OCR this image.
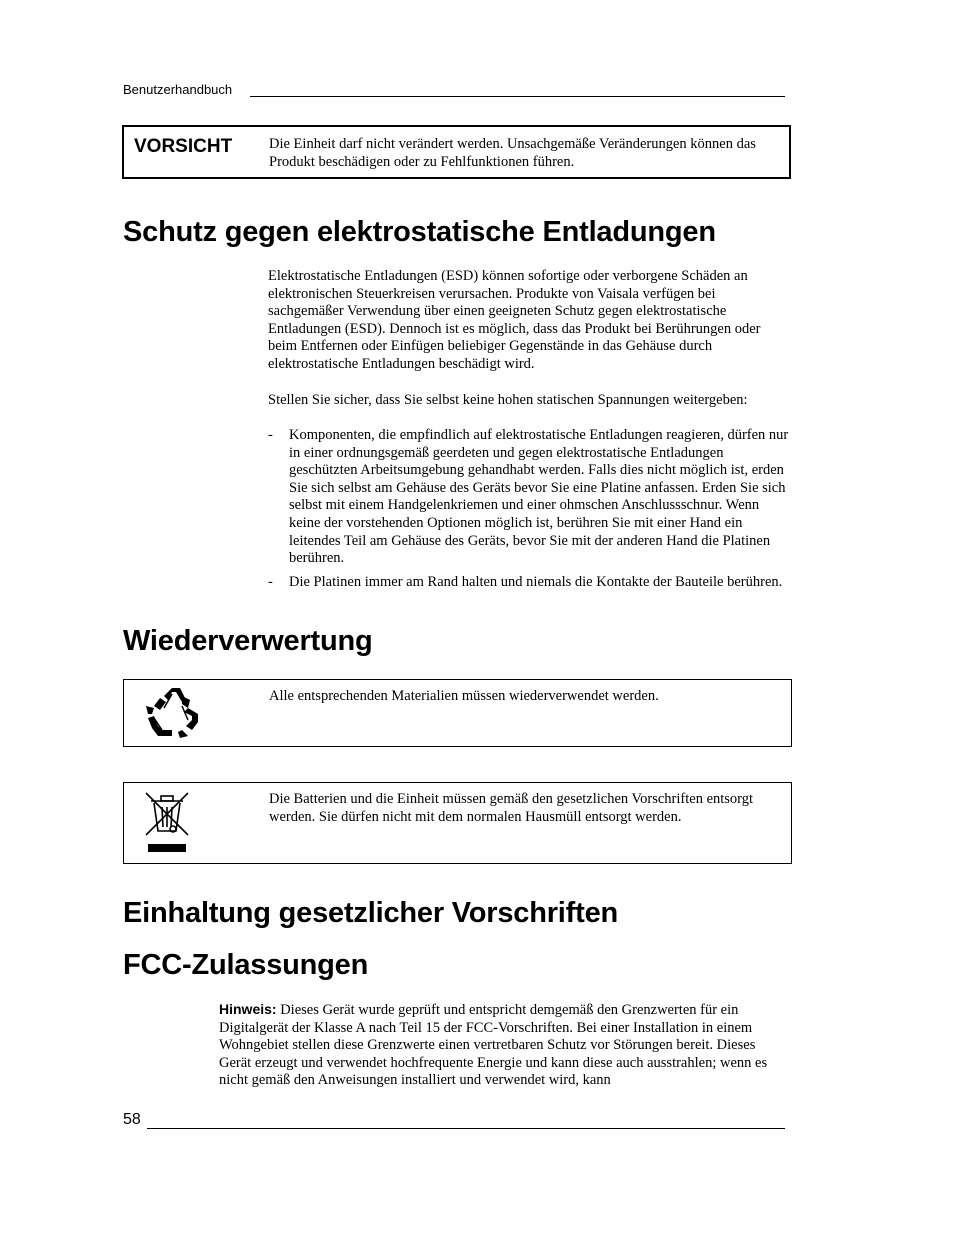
Benutzerhandbuch
VORSICHT	Die Einheit darf nicht verändert werden. Unsachgemäße Veränderungen können das Produkt beschädigen oder zu Fehlfunktionen führen.
Schutz gegen elektrostatische Entladungen
Elektrostatische Entladungen (ESD) können sofortige oder verborgene Schäden an elektronischen Steuerkreisen verursachen. Produkte von Vaisala verfügen bei sachgemäßer Verwendung über einen geeigneten Schutz gegen elektrostatische Entladungen (ESD). Dennoch ist es möglich, dass das Produkt bei Berührungen oder beim Entfernen oder Einfügen beliebiger Gegenstände in das Gehäuse durch elektrostatische Entladungen beschädigt wird.
Stellen Sie sicher, dass Sie selbst keine hohen statischen Spannungen weitergeben:
- Komponenten, die empfindlich auf elektrostatische Entladungen reagieren, dürfen nur in einer ordnungsgemäß geerdeten und gegen elektrostatische Entladungen geschützten Arbeitsumgebung gehandhabt werden. Falls dies nicht möglich ist, erden Sie sich selbst am Gehäuse des Geräts bevor Sie eine Platine anfassen. Erden Sie sich selbst mit einem Handgelenkriemen und einer ohmschen Anschlussschnur. Wenn keine der vorstehenden Optionen möglich ist, berühren Sie mit einer Hand ein leitendes Teil am Gehäuse des Geräts, bevor Sie mit der anderen Hand die Platinen berühren.
- Die Platinen immer am Rand halten und niemals die Kontakte der Bauteile berühren.
Wiederverwertung
Alle entsprechenden Materialien müssen wiederverwendet werden.
Die Batterien und die Einheit müssen gemäß den gesetzlichen Vorschriften entsorgt werden. Sie dürfen nicht mit dem normalen Hausmüll entsorgt werden.
Einhaltung gesetzlicher Vorschriften
FCC-Zulassungen
Hinweis: Dieses Gerät wurde geprüft und entspricht demgemäß den Grenzwerten für ein Digitalgerät der Klasse A nach Teil 15 der FCC-Vorschriften. Bei einer Installation in einem Wohngebiet stellen diese Grenzwerte einen vertretbaren Schutz vor Störungen bereit. Dieses Gerät erzeugt und verwendet hochfrequente Energie und kann diese auch ausstrahlen; wenn es nicht gemäß den Anweisungen installiert und verwendet wird, kann
58
